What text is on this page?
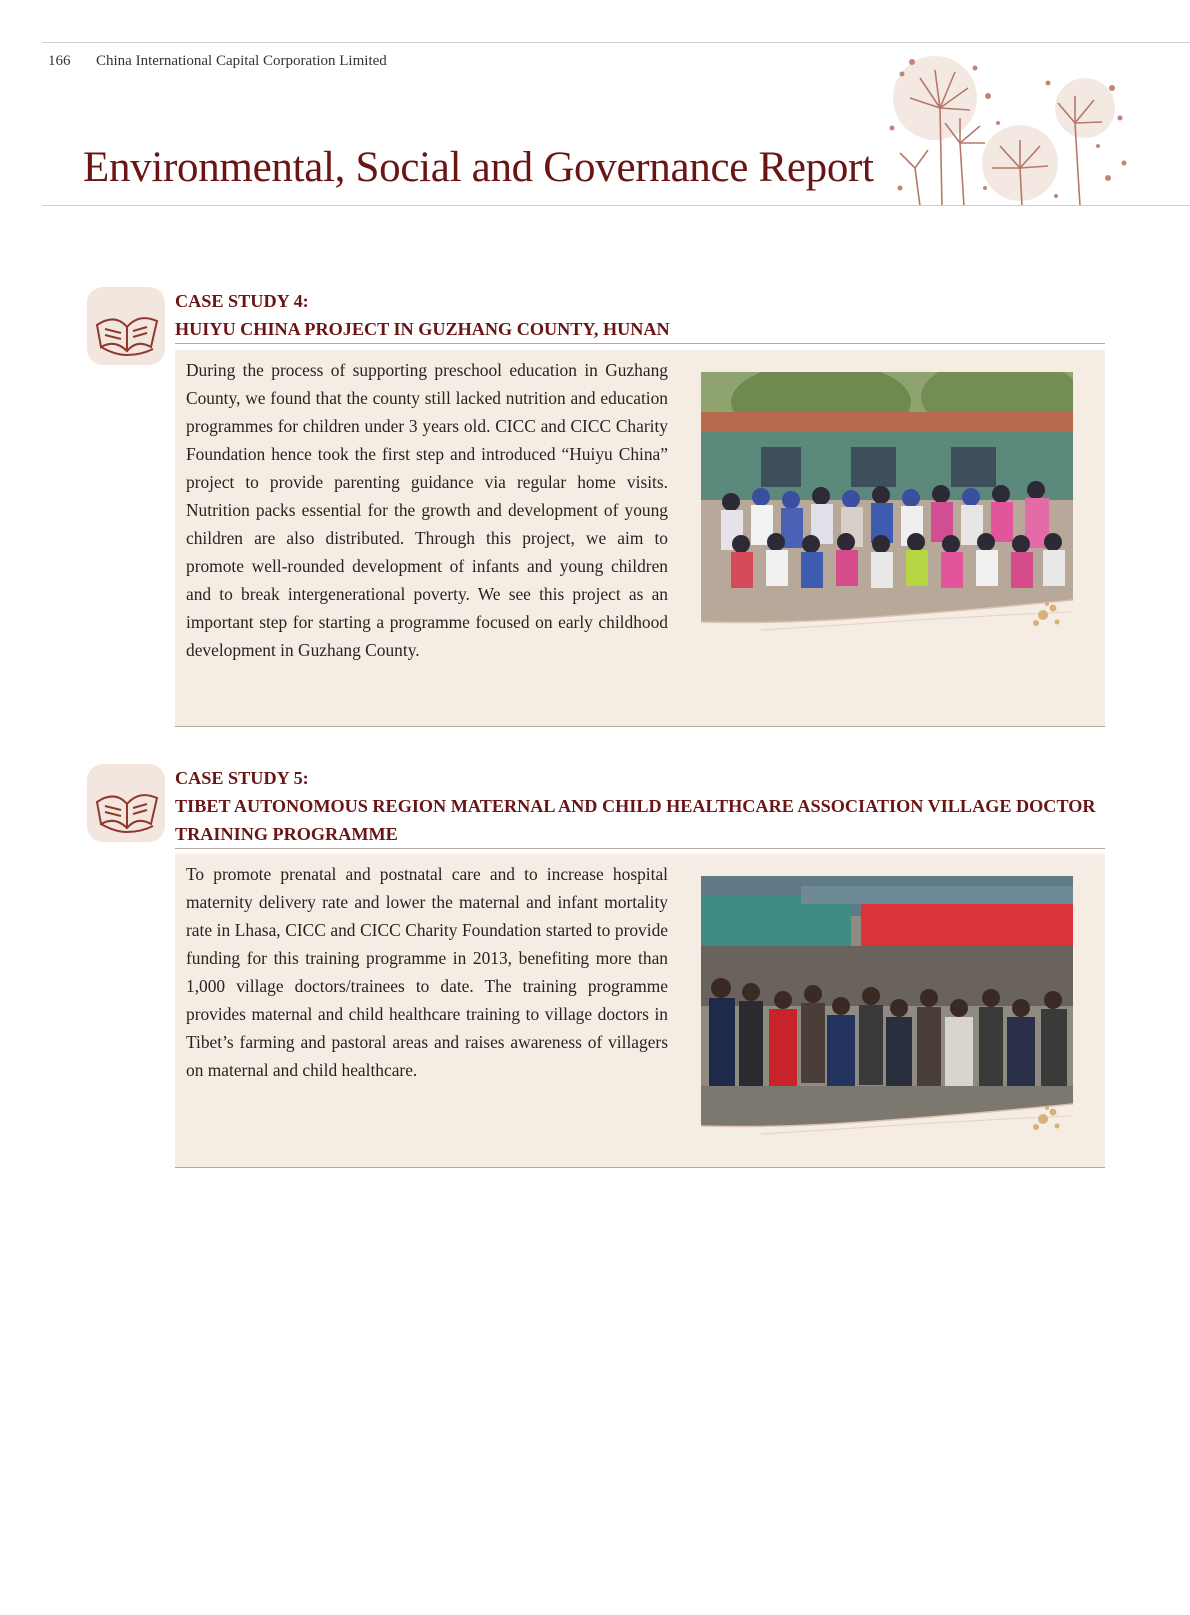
166 China International Capital Corporation Limited
Environmental, Social and Governance Report
CASE STUDY 4:
HUIYU CHINA PROJECT IN GUZHANG COUNTY, HUNAN
During the process of supporting preschool education in Guzhang County, we found that the county still lacked nutrition and education programmes for children under 3 years old. CICC and CICC Charity Foundation hence took the first step and introduced “Huiyu China” project to provide parenting guidance via regular home visits. Nutrition packs essential for the growth and development of young children are also distributed. Through this project, we aim to promote well-rounded development of infants and young children and to break intergenerational poverty. We see this project as an important step for starting a programme focused on early childhood development in Guzhang County.
CASE STUDY 5:
TIBET AUTONOMOUS REGION MATERNAL AND CHILD HEALTHCARE ASSOCIATION VILLAGE DOCTOR TRAINING PROGRAMME
To promote prenatal and postnatal care and to increase hospital maternity delivery rate and lower the maternal and infant mortality rate in Lhasa, CICC and CICC Charity Foundation started to provide funding for this training programme in 2013, benefiting more than 1,000 village doctors/trainees to date. The training programme provides maternal and child healthcare training to village doctors in Tibet’s farming and pastoral areas and raises awareness of villagers on maternal and child healthcare.
